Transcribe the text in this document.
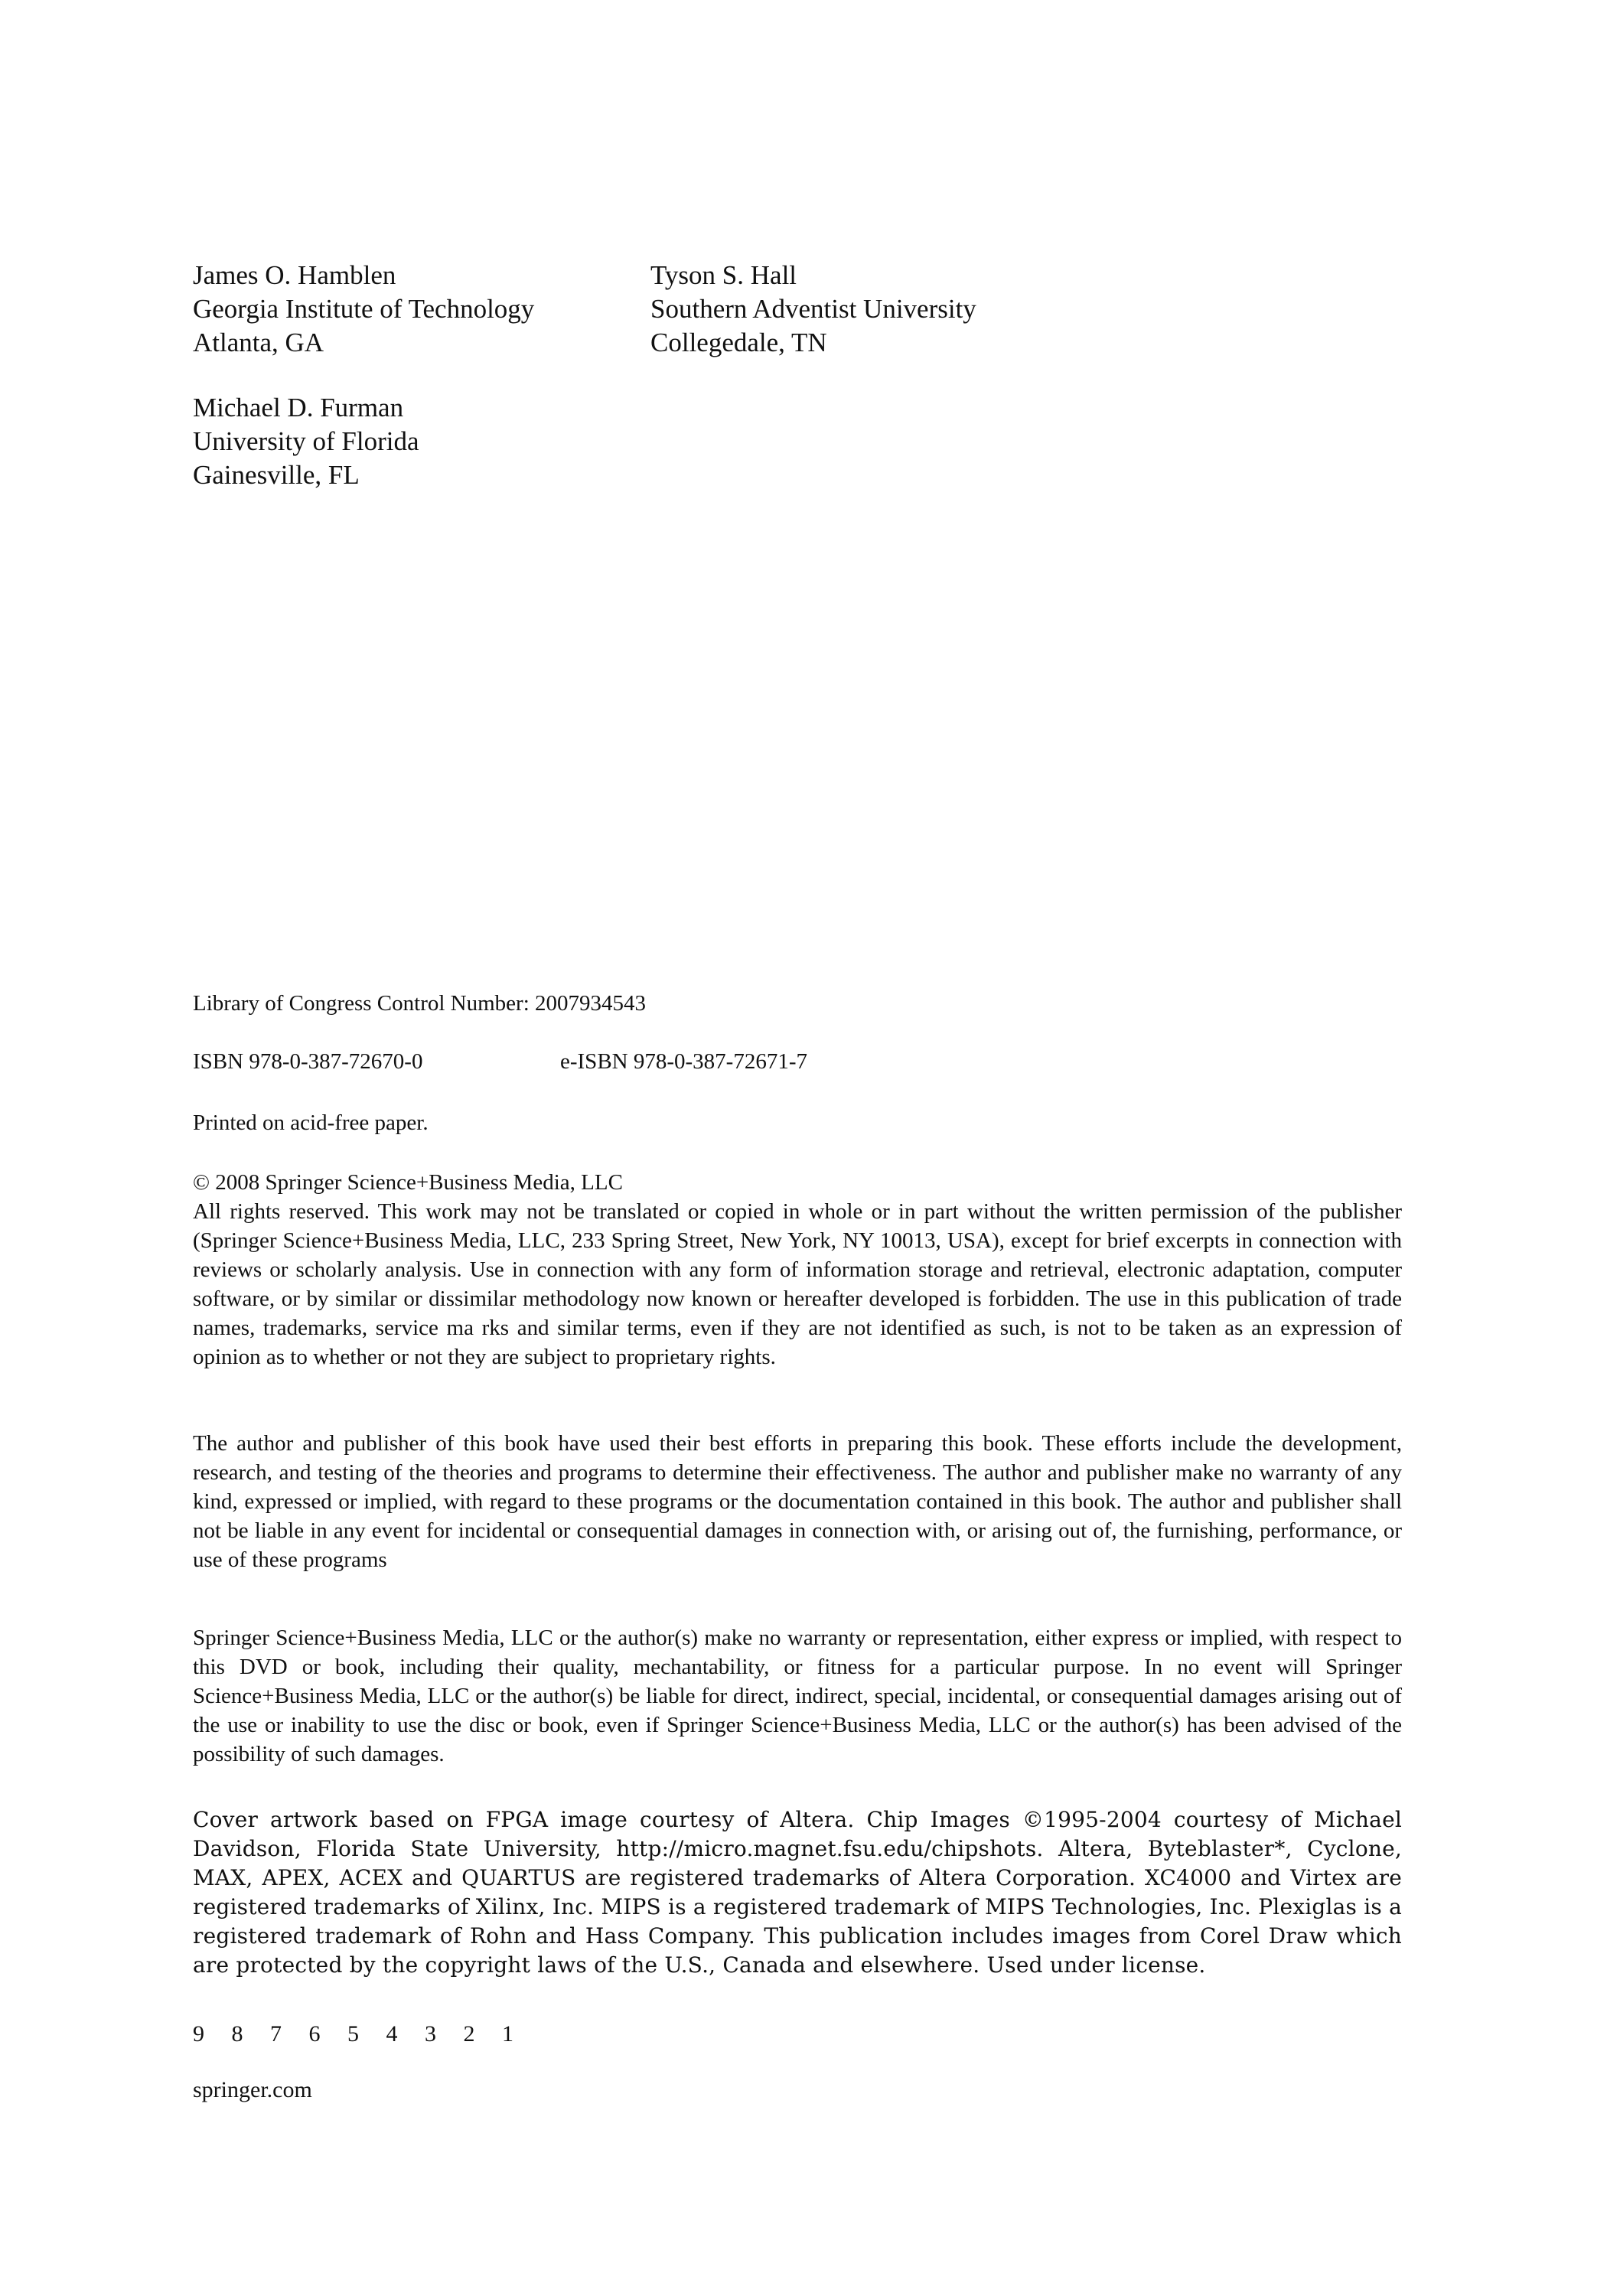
James O. Hamblen
Georgia Institute of Technology
Atlanta, GA
Tyson S. Hall
Southern Adventist University
Collegedale, TN
Michael D. Furman
University of Florida
Gainesville, FL
Library of Congress Control Number: 2007934543
ISBN 978-0-387-72670-0	e-ISBN 978-0-387-72671-7
Printed on acid-free paper.
© 2008 Springer Science+Business Media, LLC
All rights reserved. This work may not be translated or copied in whole or in part without the written permission of the publisher (Springer Science+Business Media, LLC, 233 Spring Street, New York, NY 10013, USA), except for brief excerpts in connection with reviews or scholarly analysis. Use in connection with any form of information storage and retrieval, electronic adaptation, computer software, or by similar or dissimilar methodology now known or hereafter developed is forbidden. The use in this publication of trade names, trademarks, service ma rks and similar terms, even if they are not identified as such, is not to be taken as an expression of opinion as to whether or not they are subject to proprietary rights.
The author and publisher of this book have used their best efforts in preparing this book. These efforts include the development, research, and testing of the theories and programs to determine their effectiveness. The author and publisher make no warranty of any kind, expressed or implied, with regard to these programs or the documentation contained in this book. The author and publisher shall not be liable in any event for incidental or consequential damages in connection with, or arising out of, the furnishing, performance, or use of these programs
Springer Science+Business Media, LLC or the author(s) make no warranty or representation, either express or implied, with respect to this DVD or book, including their quality, mechantability, or fitness for a particular purpose. In no event will Springer Science+Business Media, LLC or the author(s) be liable for direct, indirect, special, incidental, or consequential damages arising out of the use or inability to use the disc or book, even if Springer Science+Business Media, LLC or the author(s) has been advised of the possibility of such damages.
Cover artwork based on FPGA image courtesy of Altera. Chip Images ©1995-2004 courtesy of Michael Davidson, Florida State University, http://micro.magnet.fsu.edu/chipshots. Altera, Byteblaster*, Cyclone, MAX, APEX, ACEX and QUARTUS are registered trademarks of Altera Corporation. XC4000 and Virtex are registered trademarks of Xilinx, Inc. MIPS is a registered trademark of MIPS Technologies, Inc. Plexiglas is a registered trademark of Rohn and Hass Company. This publication includes images from Corel Draw which are protected by the copyright laws of the U.S., Canada and elsewhere. Used under license.
9 8 7 6 5 4 3 2 1
springer.com
